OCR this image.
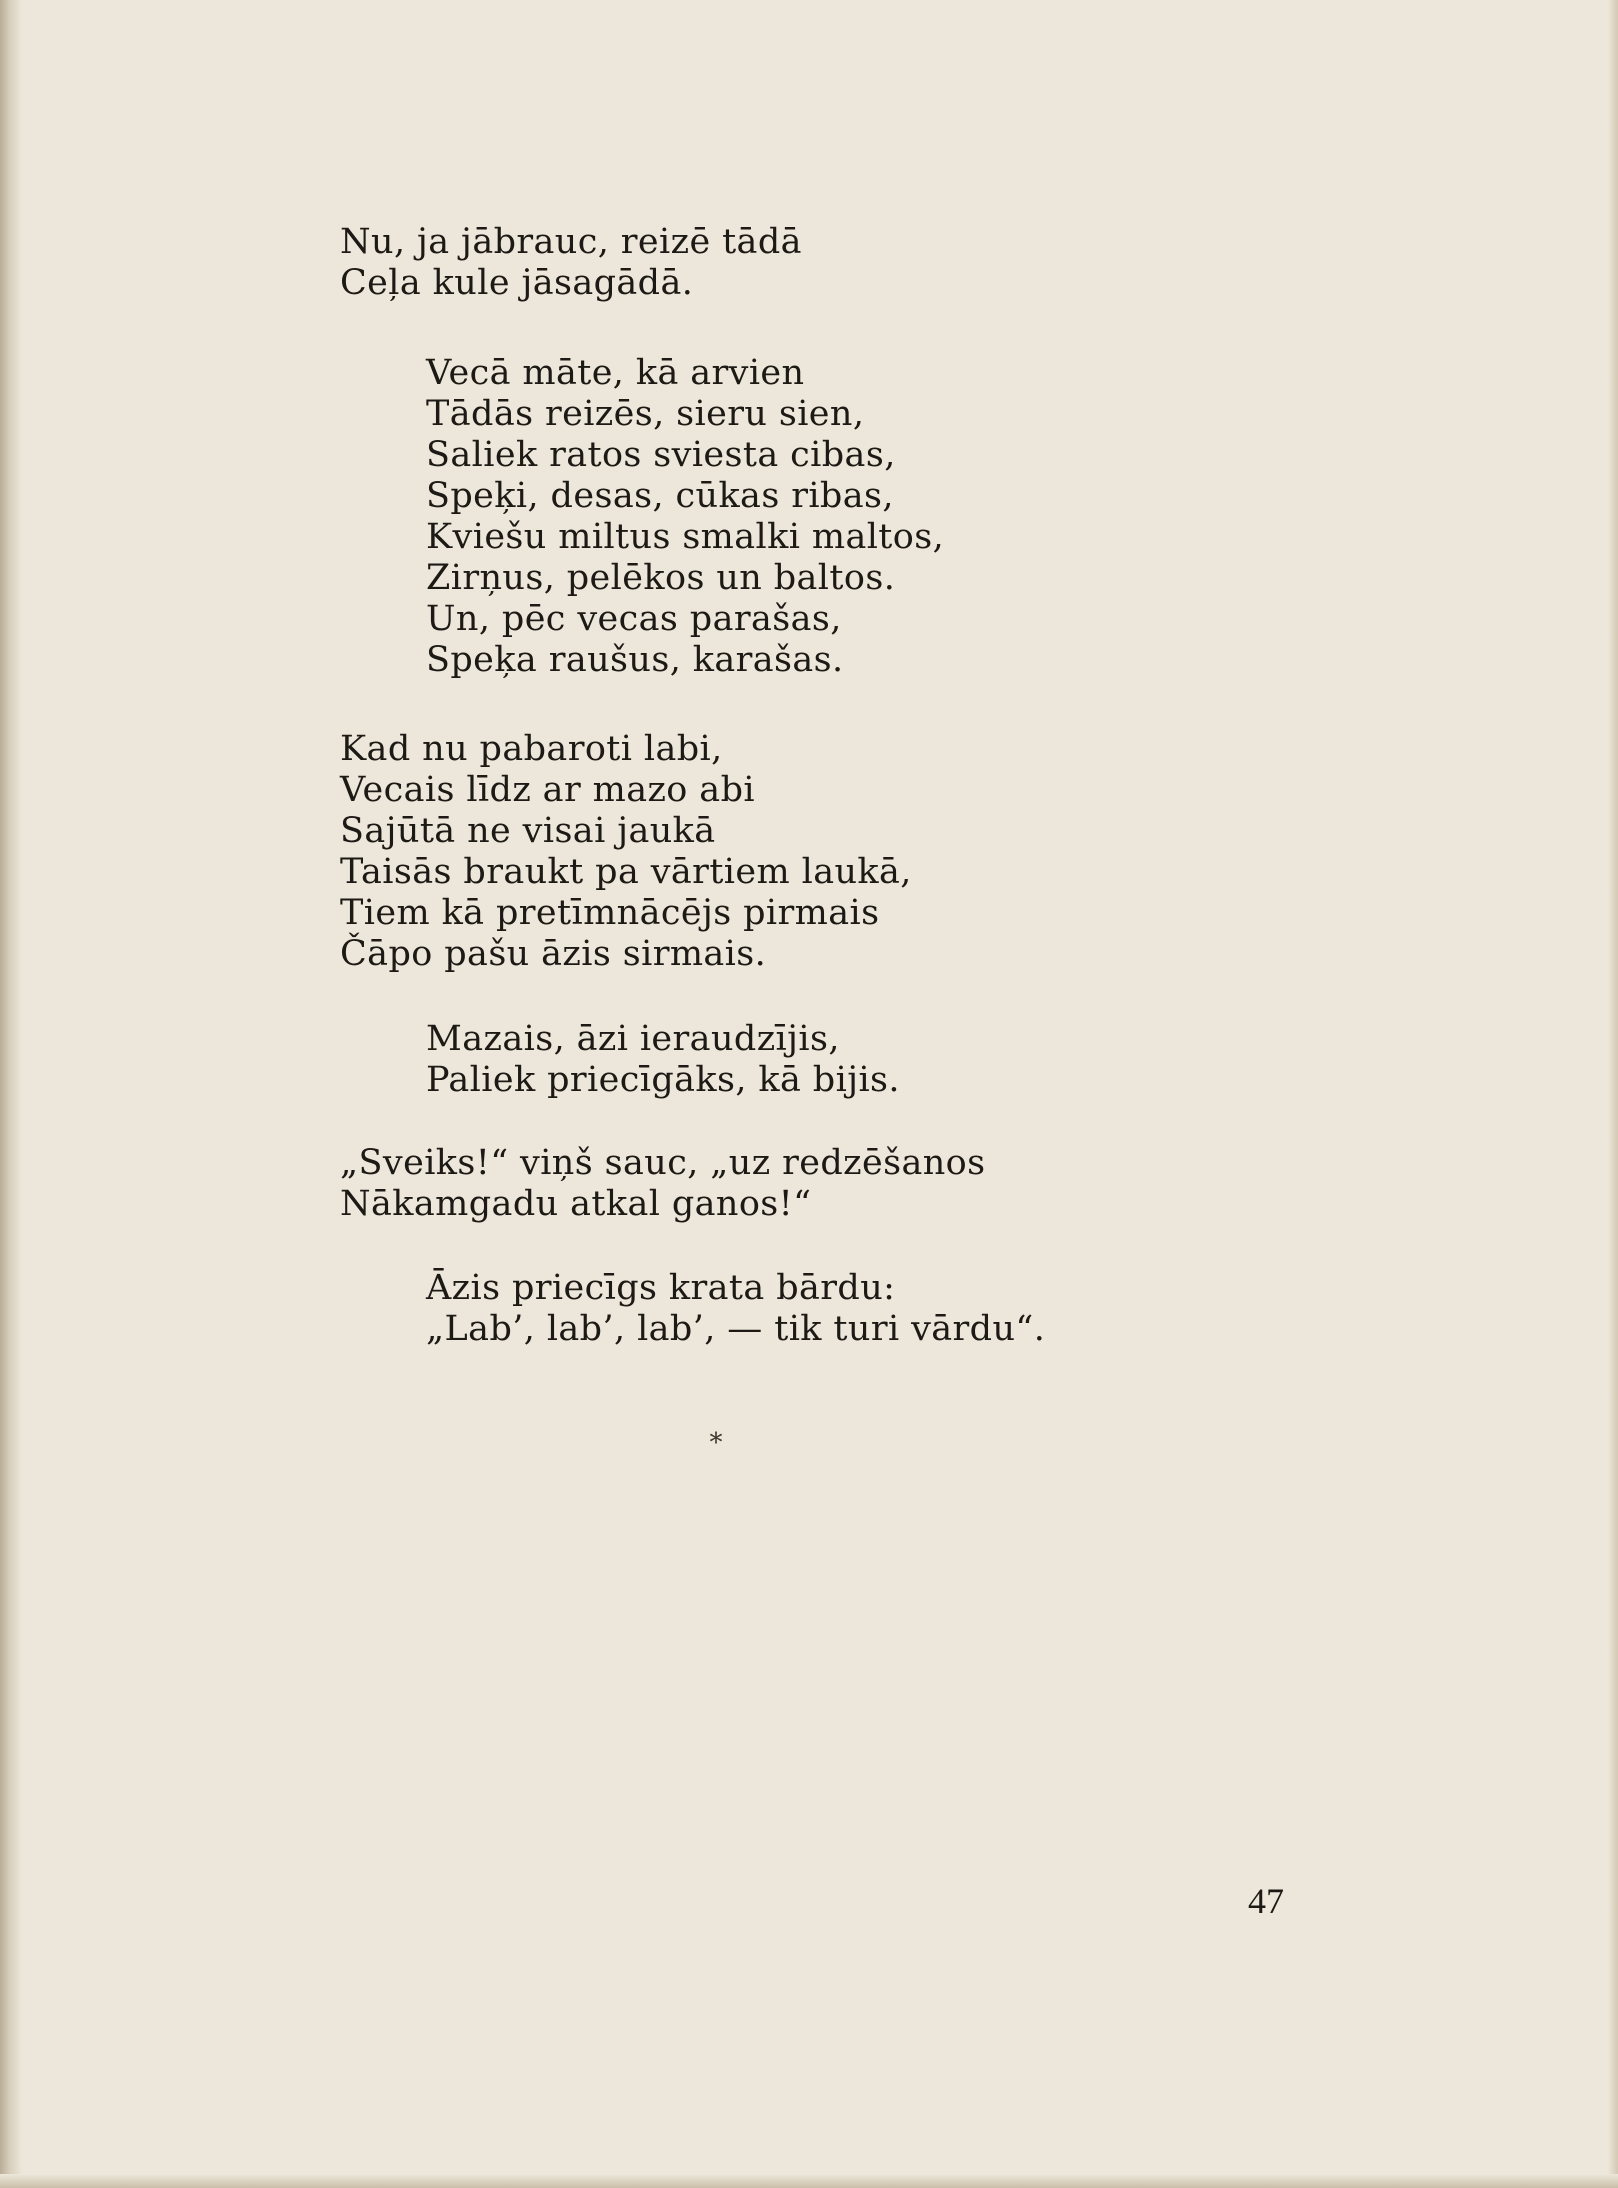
Nu, ja jābrauc, reizē tādā
Ceļa kule jāsagādā.

Vecā māte, kā arvien
Tādās reizēs, sieru sien,
Saliek ratos sviesta cibas,
Speķi, desas, cūkas ribas,
Kviešu miltus smalki maltos,
Zirņus, pelēkos un baltos.
Un, pēc vecas parašas,
Speķa raušus, karašas.

Kad nu pabaroti labi,
Vecais līdz ar mazo abi
Sajūtā ne visai jaukā
Taisās braukt pa vārtiem laukā,
Tiem kā pretīmnācējs pirmais
Čāpo pašu āzis sirmais.

Mazais, āzi ieraudzījis,
Paliek priecīgāks, kā bijis.

„Sveiks!“ viņš sauc, „uz redzēšanos
Nākamgadu atkal ganos!“

Āzis priecīgs krata bārdu:
„Lab’, lab’, lab’, — tik turi vārdu“.

*
47
